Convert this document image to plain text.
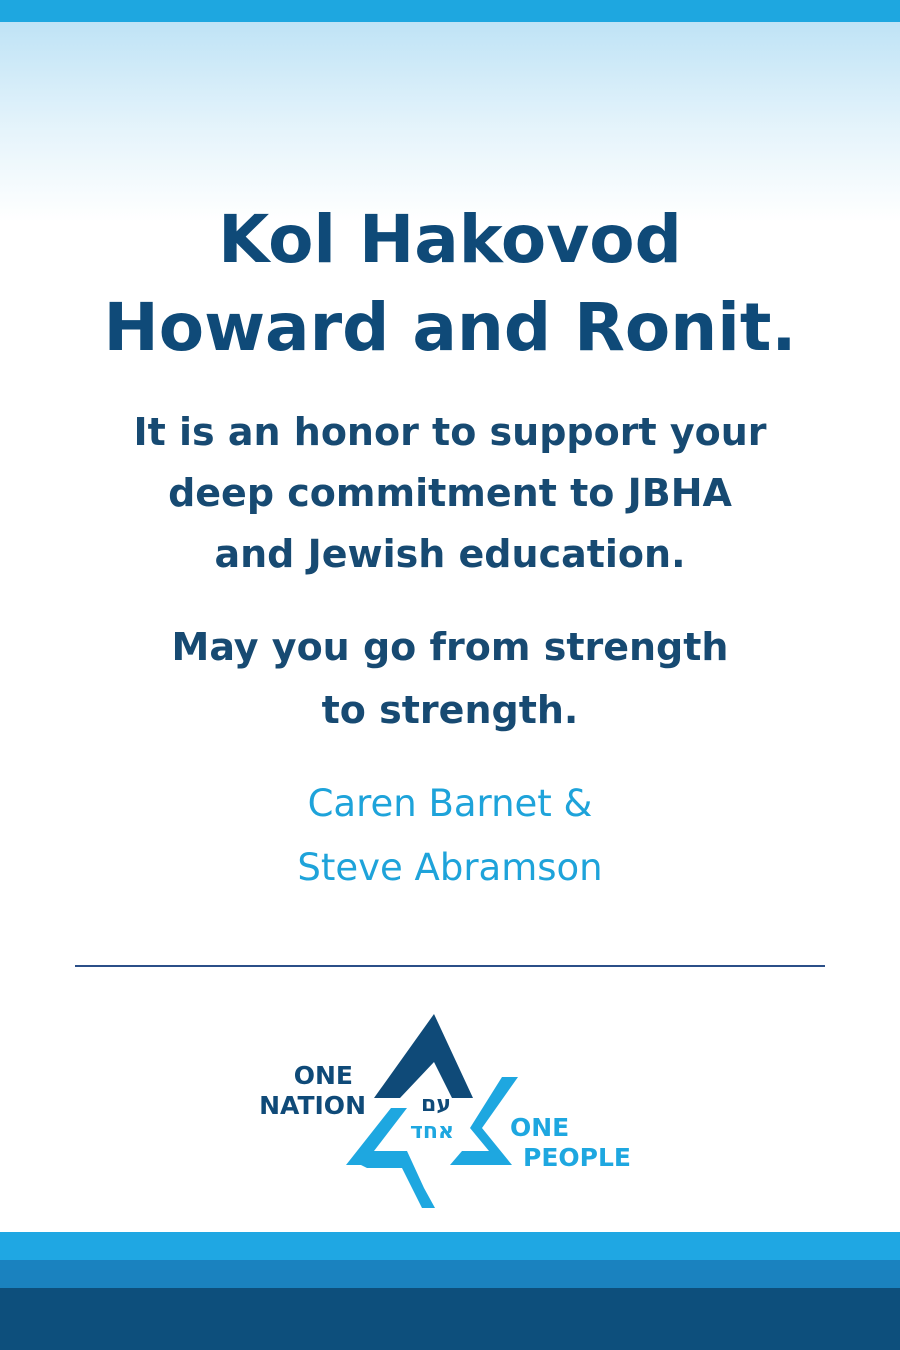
Kol Hakovod
Howard and Ronit.
It is an honor to support your
deep commitment to JBHA
and Jewish education.
May you go from strength
to strength.
Caren Barnet &
Steve Abramson
ONE
NATION	עם
אחד ONE
PEOPLE
